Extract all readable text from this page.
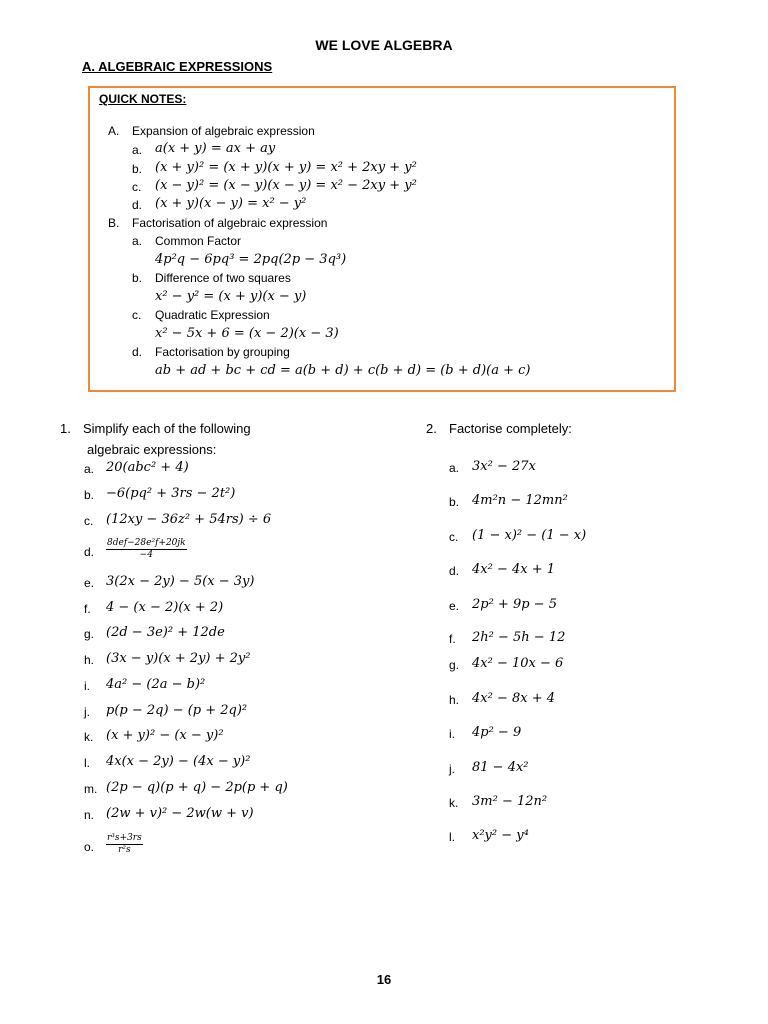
WE LOVE ALGEBRA
A. ALGEBRAIC EXPRESSIONS
QUICK NOTES:
A. Expansion of algebraic expression
a. a(x + y) = ax + ay
b. (x + y)² = (x + y)(x + y) = x² + 2xy + y²
c. (x − y)² = (x − y)(x − y) = x² − 2xy + y²
d. (x + y)(x − y) = x² − y²
B. Factorisation of algebraic expression
a. Common Factor
4p²q − 6pq³ = 2pq(2p − 3q³)
b. Difference of two squares
x² − y² = (x + y)(x − y)
c. Quadratic Expression
x² − 5x + 6 = (x − 2)(x − 3)
d. Factorisation by grouping
ab + ad + bc + cd = a(b + d) + c(b + d) = (b + d)(a + c)
1. Simplify each of the following
algebraic expressions:
a. 20(abc² + 4)
b. −6(pq² + 3rs − 2t²)
c. (12xy − 36z² + 54rs) ÷ 6
d. $\frac{\text{8def−28e²f+20jk}}{-4}$
e. 3(2x − 2y) − 5(x − 3y)
f. 4 − (x − 2)(x + 2)
g. (2d − 3e)² + 12de
h. (3x − y)(x + 2y) + 2y²
i. 4a² − (2a − b)²
j. p(p − 2q) − (p + 2q)²
k. (x + y)² − (x − y)²
l. 4x(x − 2y) − (4x − y)²
m. (2p − q)(p + q) − 2p(p + q)
n. (2w + v)² − 2w(w + v)
o. $\frac{\text{r³s+3rs}}{\text{r²s}}$
2. Factorise completely:
a. 3x² − 27x
b. 4m²n − 12mn²
c. (1 − x)² − (1 − x)
d. 4x² − 4x + 1
e. 2p² + 9p − 5
f. 2h² − 5h − 12
g. 4x² − 10x − 6
h. 4x² − 8x + 4
i. 4p² − 9
j. 81 − 4x²
k. 3m² − 12n²
l. x²y² − y⁴
16
